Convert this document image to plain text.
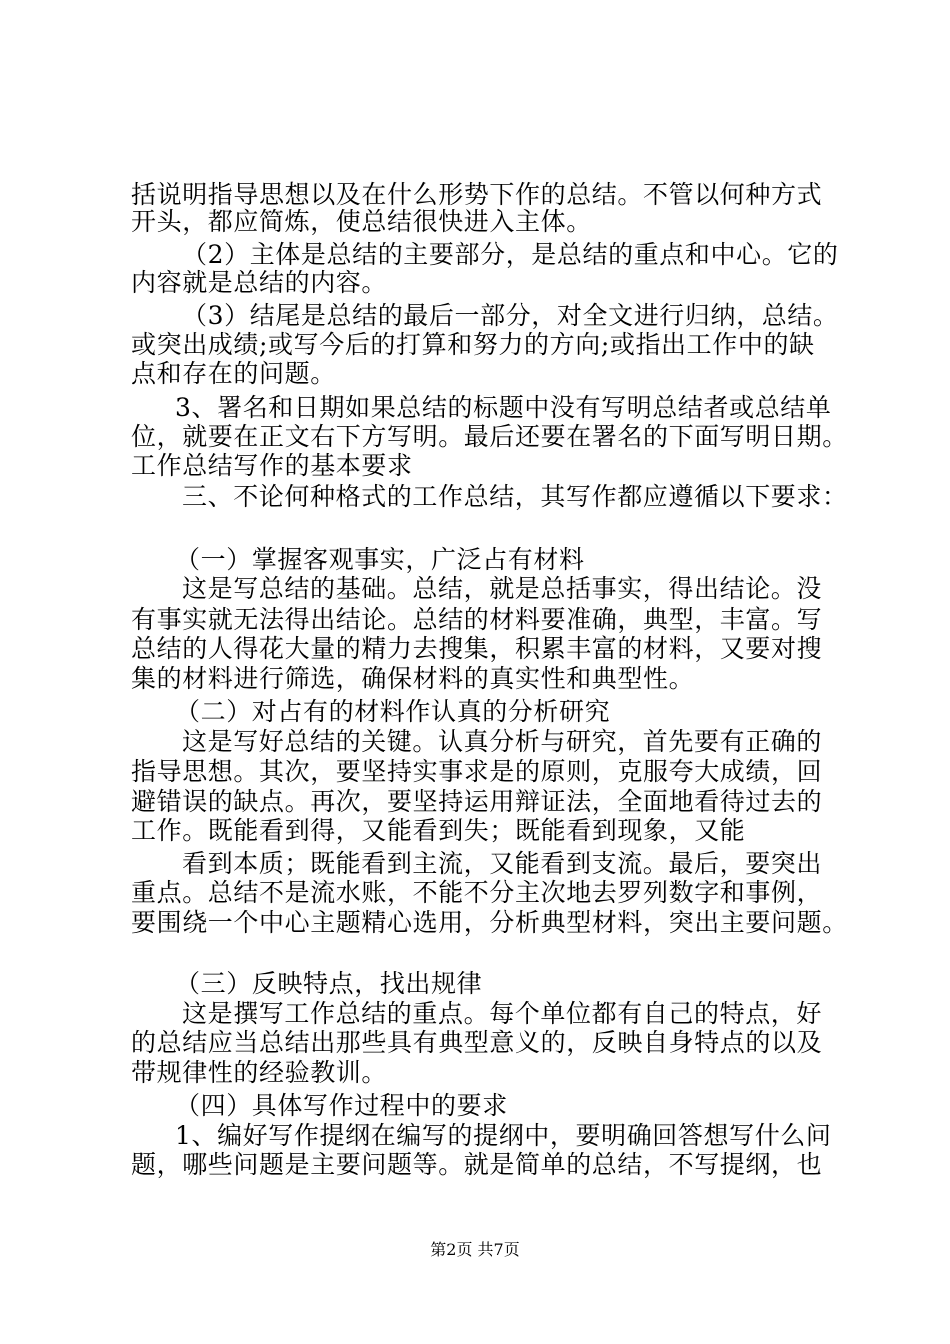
括说明指导思想以及在什么形势下作的总结。不管以何种方式
开头，都应简炼，使总结很快进入主体。
（2）主体是总结的主要部分，是总结的重点和中心。它的
内容就是总结的内容。
（3）结尾是总结的最后一部分，对全文进行归纳，总结。
或突出成绩;或写今后的打算和努力的方向;或指出工作中的缺
点和存在的问题。
3、署名和日期如果总结的标题中没有写明总结者或总结单
位，就要在正文右下方写明。最后还要在署名的下面写明日期。
工作总结写作的基本要求
三、不论何种格式的工作总结，其写作都应遵循以下要求：
（一）掌握客观事实，广泛占有材料
这是写总结的基础。总结，就是总括事实，得出结论。没
有事实就无法得出结论。总结的材料要准确，典型，丰富。写
总结的人得花大量的精力去搜集，积累丰富的材料，又要对搜
集的材料进行筛选，确保材料的真实性和典型性。
（二）对占有的材料作认真的分析研究
这是写好总结的关键。认真分析与研究，首先要有正确的
指导思想。其次，要坚持实事求是的原则，克服夸大成绩，回
避错误的缺点。再次，要坚持运用辩证法，全面地看待过去的
工作。既能看到得，又能看到失；既能看到现象，又能
看到本质；既能看到主流，又能看到支流。最后，要突出
重点。总结不是流水账，不能不分主次地去罗列数字和事例，
要围绕一个中心主题精心选用，分析典型材料，突出主要问题。
（三）反映特点，找出规律
这是撰写工作总结的重点。每个单位都有自己的特点，好
的总结应当总结出那些具有典型意义的，反映自身特点的以及
带规律性的经验教训。
（四）具体写作过程中的要求
1、编好写作提纲在编写的提纲中，要明确回答想写什么问
题，哪些问题是主要问题等。就是简单的总结，不写提纲，也
第2页 共7页
